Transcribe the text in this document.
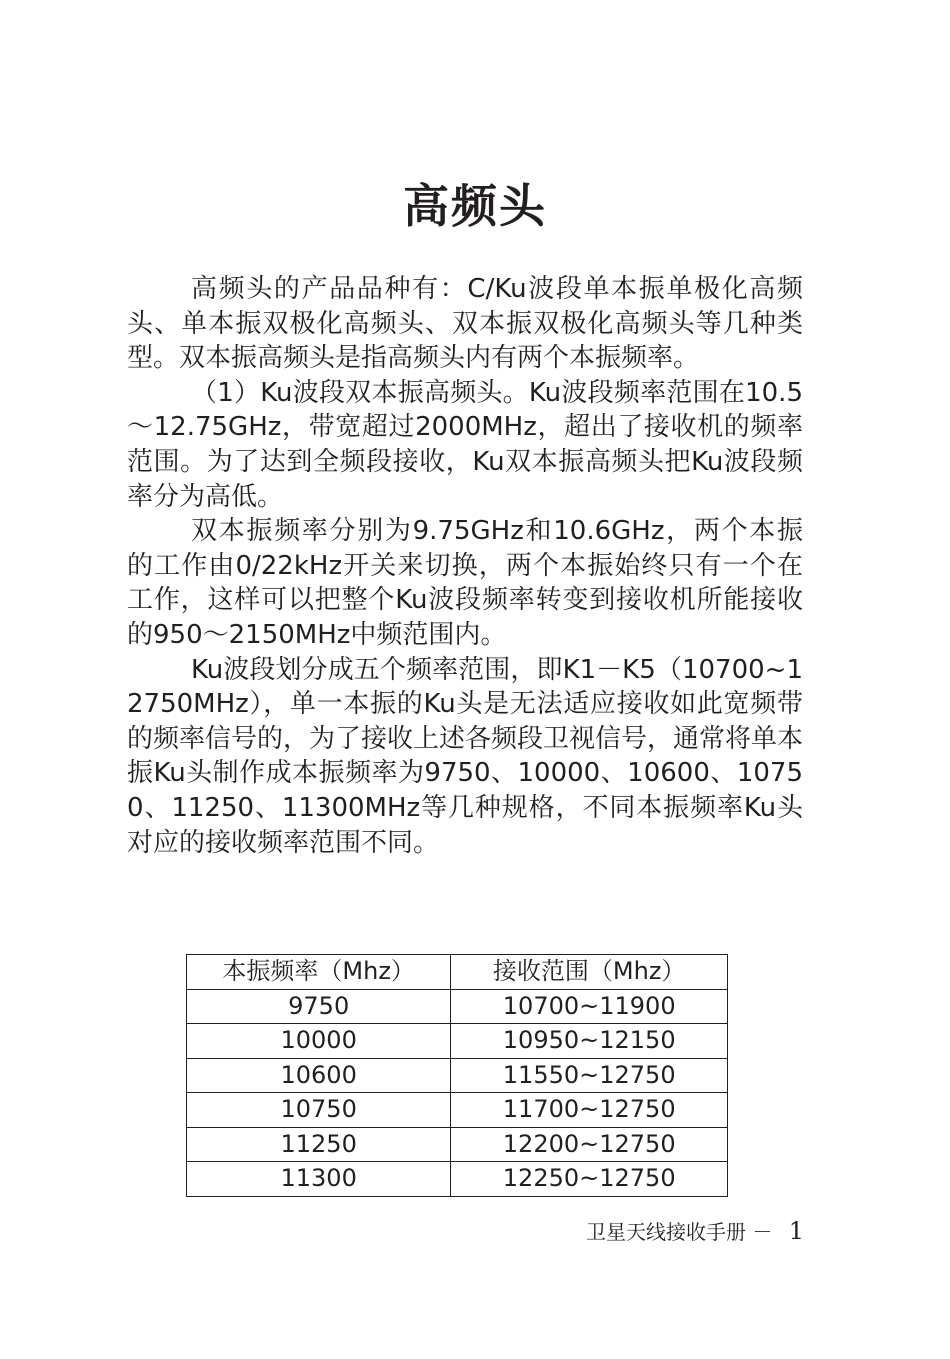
高频头

高频头的产品品种有：C/Ku波段单本振单极化高频头、单本振双极化高频头、双本振双极化高频头等几种类型。双本振高频头是指高频头内有两个本振频率。

（1）Ku波段双本振高频头。Ku波段频率范围在10.5～12.75GHz，带宽超过2000MHz，超出了接收机的频率范围。为了达到全频段接收，Ku双本振高频头把Ku波段频率分为高低。

双本振频率分别为9.75GHz和10.6GHz，两个本振的工作由0/22kHz开关来切换，两个本振始终只有一个在工作，这样可以把整个Ku波段频率转变到接收机所能接收的950～2150MHz中频范围内。

Ku波段划分成五个频率范围，即K1－K5（10700~12750MHz），单一本振的Ku头是无法适应接收如此宽频带的频率信号的，为了接收上述各频段卫视信号，通常将单本振Ku头制作成本振频率为9750、10000、10600、10750、11250、11300MHz等几种规格，不同本振频率Ku头对应的接收频率范围不同。

本振频率（Mhz）	接收范围（Mhz）
9750	10700~11900
10000	10950~12150
10600	11550~12750
10750	11700~12750
11250	12200~12750
11300	12250~12750
卫星天线接收手册 － 1
